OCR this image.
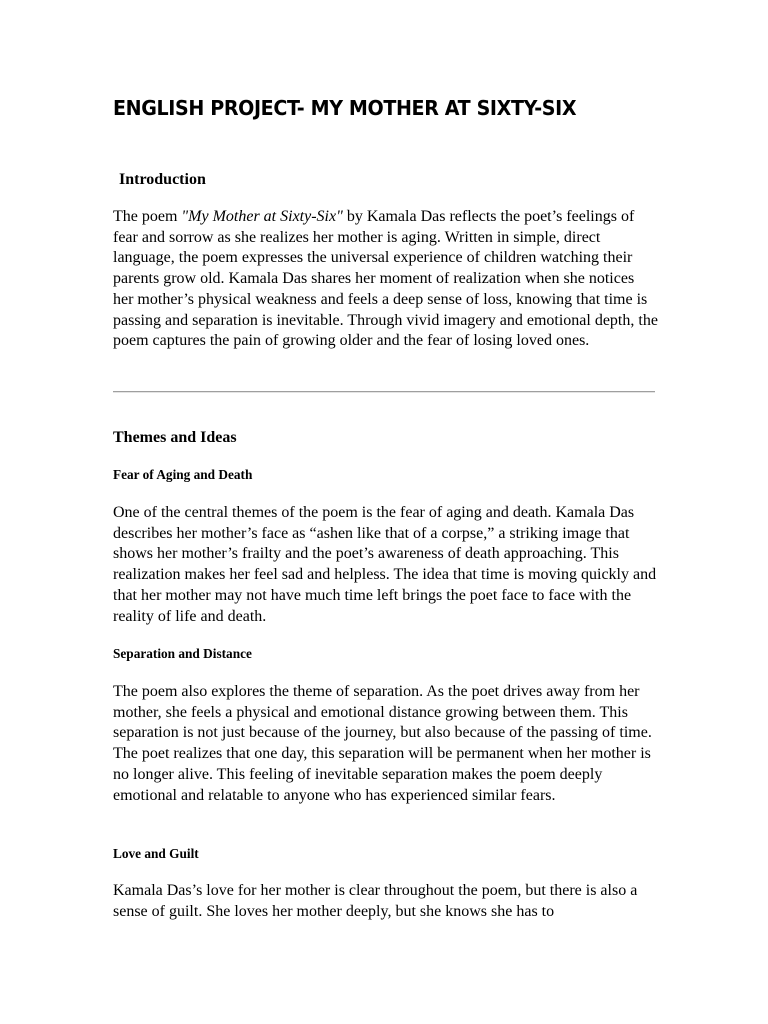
ENGLISH PROJECT- MY MOTHER AT SIXTY-SIX
Introduction

The poem "My Mother at Sixty-Six" by Kamala Das reflects the poet’s feelings of fear and sorrow as she realizes her mother is aging. Written in simple, direct language, the poem expresses the universal experience of children watching their parents grow old. Kamala Das shares her moment of realization when she notices her mother’s physical weakness and feels a deep sense of loss, knowing that time is passing and separation is inevitable. Through vivid imagery and emotional depth, the poem captures the pain of growing older and the fear of losing loved ones.

Themes and Ideas
Fear of Aging and Death

One of the central themes of the poem is the fear of aging and death. Kamala Das describes her mother’s face as “ashen like that of a corpse,” a striking image that shows her mother’s frailty and the poet’s awareness of death approaching. This realization makes her feel sad and helpless. The idea that time is moving quickly and that her mother may not have much time left brings the poet face to face with the reality of life and death.

Separation and Distance

The poem also explores the theme of separation. As the poet drives away from her mother, she feels a physical and emotional distance growing between them. This separation is not just because of the journey, but also because of the passing of time. The poet realizes that one day, this separation will be permanent when her mother is no longer alive. This feeling of inevitable separation makes the poem deeply emotional and relatable to anyone who has experienced similar fears.

Love and Guilt

Kamala Das’s love for her mother is clear throughout the poem, but there is also a sense of guilt. She loves her mother deeply, but she knows she has to
